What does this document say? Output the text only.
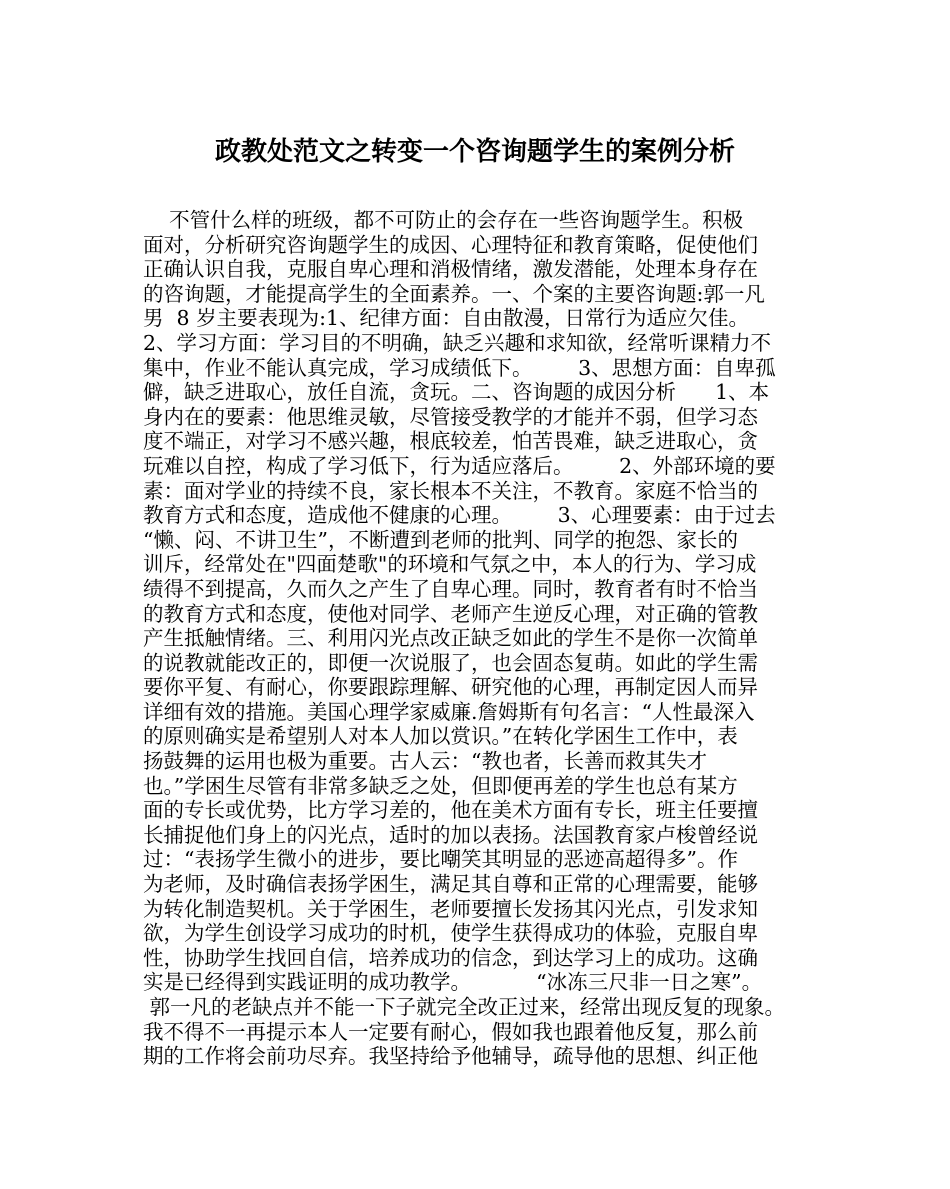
政教处范文之转变一个咨询题学生的案例分析
不管什么样的班级，都不可防止的会存在一些咨询题学生。积极
面对，分析研究咨询题学生的成因、心理特征和教育策略，促使他们
正确认识自我，克服自卑心理和消极情绪，激发潜能，处理本身存在
的咨询题，才能提高学生的全面素养。一、个案的主要咨询题:郭一凡
男  8 岁主要表现为:1、纪律方面：自由散漫，日常行为适应欠佳。
2、学习方面：学习目的不明确，缺乏兴趣和求知欲，经常听课精力不
集中，作业不能认真完成，学习成绩低下。       3、思想方面：自卑孤
僻，缺乏进取心，放任自流，贪玩。二、咨询题的成因分析      1、本
身内在的要素：他思维灵敏，尽管接受教学的才能并不弱，但学习态
度不端正，对学习不感兴趣，根底较差，怕苦畏难，缺乏进取心，贪
玩难以自控，构成了学习低下，行为适应落后。       2、外部环境的要
素：面对学业的持续不良，家长根本不关注，不教育。家庭不恰当的
教育方式和态度，造成他不健康的心理。       3、心理要素：由于过去
“懒、闷、不讲卫生”，不断遭到老师的批判、同学的抱怨、家长的
训斥，经常处在"四面楚歌"的环境和气氛之中，本人的行为、学习成
绩得不到提高，久而久之产生了自卑心理。同时，教育者有时不恰当
的教育方式和态度，使他对同学、老师产生逆反心理，对正确的管教
产生抵触情绪。三、利用闪光点改正缺乏如此的学生不是你一次简单
的说教就能改正的，即便一次说服了，也会固态复萌。如此的学生需
要你平复、有耐心，你要跟踪理解、研究他的心理，再制定因人而异
详细有效的措施。美国心理学家威廉.詹姆斯有句名言：“人性最深入
的原则确实是希望别人对本人加以赏识。”在转化学困生工作中，表
扬鼓舞的运用也极为重要。古人云：“教也者，长善而救其失才
也。”学困生尽管有非常多缺乏之处，但即便再差的学生也总有某方
面的专长或优势，比方学习差的，他在美术方面有专长，班主任要擅
长捕捉他们身上的闪光点，适时的加以表扬。法国教育家卢梭曾经说
过：“表扬学生微小的进步，要比嘲笑其明显的恶迹高超得多”。作
为老师，及时确信表扬学困生，满足其自尊和正常的心理需要，能够
为转化制造契机。关于学困生，老师要擅长发扬其闪光点，引发求知
欲，为学生创设学习成功的时机，使学生获得成功的体验，克服自卑
性，协助学生找回自信，培养成功的信念，到达学习上的成功。这确
实是已经得到实践证明的成功教学。          “冰冻三尺非一日之寒”。
郭一凡的老缺点并不能一下子就完全改正过来，经常出现反复的现象。
我不得不一再提示本人一定要有耐心，假如我也跟着他反复，那么前
期的工作将会前功尽弃。我坚持给予他辅导，疏导他的思想、纠正他
